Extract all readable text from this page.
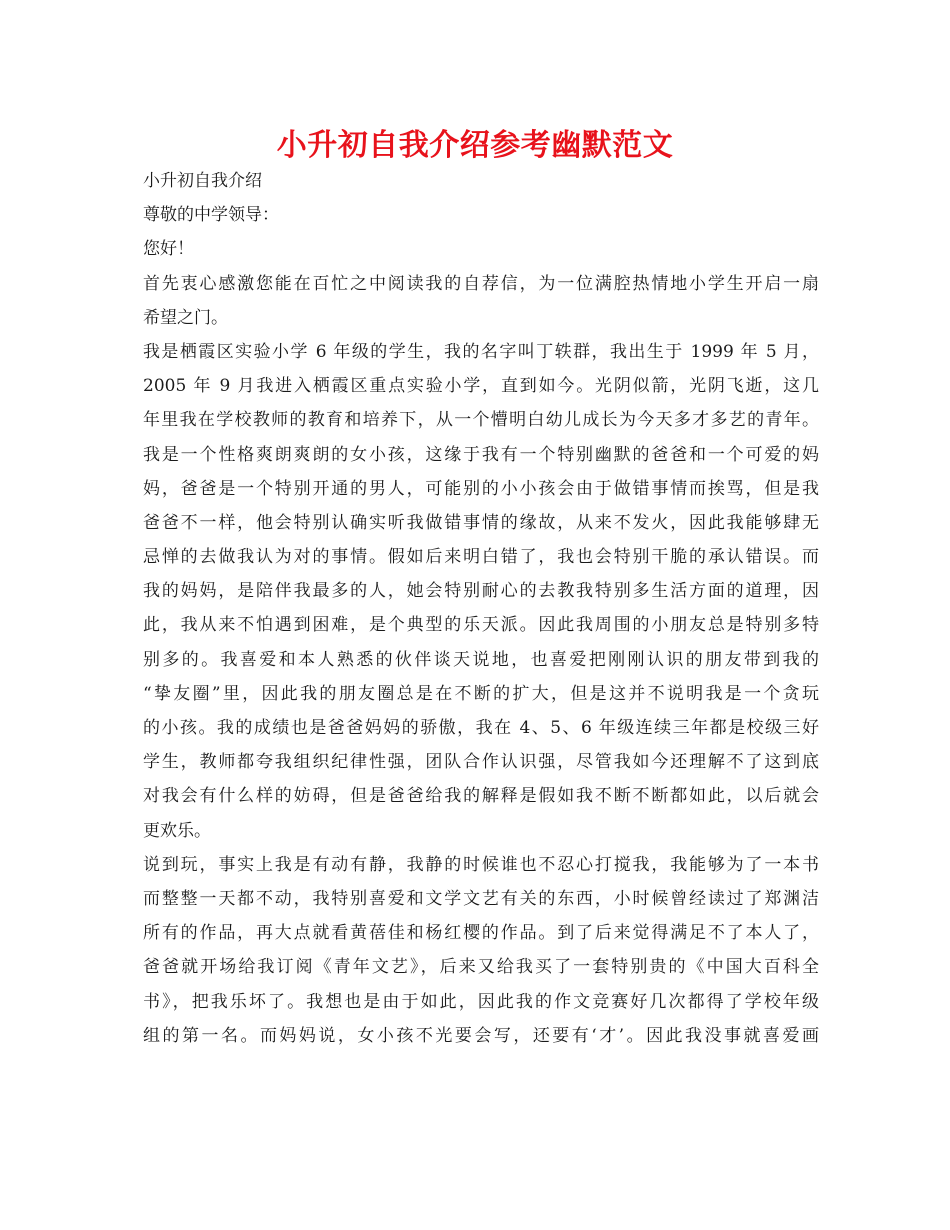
小升初自我介绍参考幽默范文
小升初自我介绍
尊敬的中学领导：
您好！
首先衷心感激您能在百忙之中阅读我的自荐信，为一位满腔热情地小学生开启一扇
希望之门。
我是栖霞区实验小学 6 年级的学生，我的名字叫丁轶群，我出生于 1999 年 5 月，
2005 年 9 月我进入栖霞区重点实验小学，直到如今。光阴似箭，光阴飞逝，这几
年里我在学校教师的教育和培养下，从一个懵明白幼儿成长为今天多才多艺的青年。
我是一个性格爽朗爽朗的女小孩，这缘于我有一个特别幽默的爸爸和一个可爱的妈
妈，爸爸是一个特别开通的男人，可能别的小小孩会由于做错事情而挨骂，但是我
爸爸不一样，他会特别认确实听我做错事情的缘故，从来不发火，因此我能够肆无
忌惮的去做我认为对的事情。假如后来明白错了，我也会特别干脆的承认错误。而
我的妈妈，是陪伴我最多的人，她会特别耐心的去教我特别多生活方面的道理，因
此，我从来不怕遇到困难，是个典型的乐天派。因此我周围的小朋友总是特别多特
别多的。我喜爱和本人熟悉的伙伴谈天说地，也喜爱把刚刚认识的朋友带到我的
“挚友圈”里，因此我的朋友圈总是在不断的扩大，但是这并不说明我是一个贪玩
的小孩。我的成绩也是爸爸妈妈的骄傲，我在 4、5、6 年级连续三年都是校级三好
学生，教师都夸我组织纪律性强，团队合作认识强，尽管我如今还理解不了这到底
对我会有什么样的妨碍，但是爸爸给我的解释是假如我不断不断都如此，以后就会
更欢乐。
说到玩，事实上我是有动有静，我静的时候谁也不忍心打搅我，我能够为了一本书
而整整一天都不动，我特别喜爱和文学文艺有关的东西，小时候曾经读过了郑渊洁
所有的作品，再大点就看黄蓓佳和杨红樱的作品。到了后来觉得满足不了本人了，
爸爸就开场给我订阅《青年文艺》，后来又给我买了一套特别贵的《中国大百科全
书》，把我乐坏了。我想也是由于如此，因此我的作文竞赛好几次都得了学校年级
组的第一名。而妈妈说，女小孩不光要会写，还要有‘才’。因此我没事就喜爱画
